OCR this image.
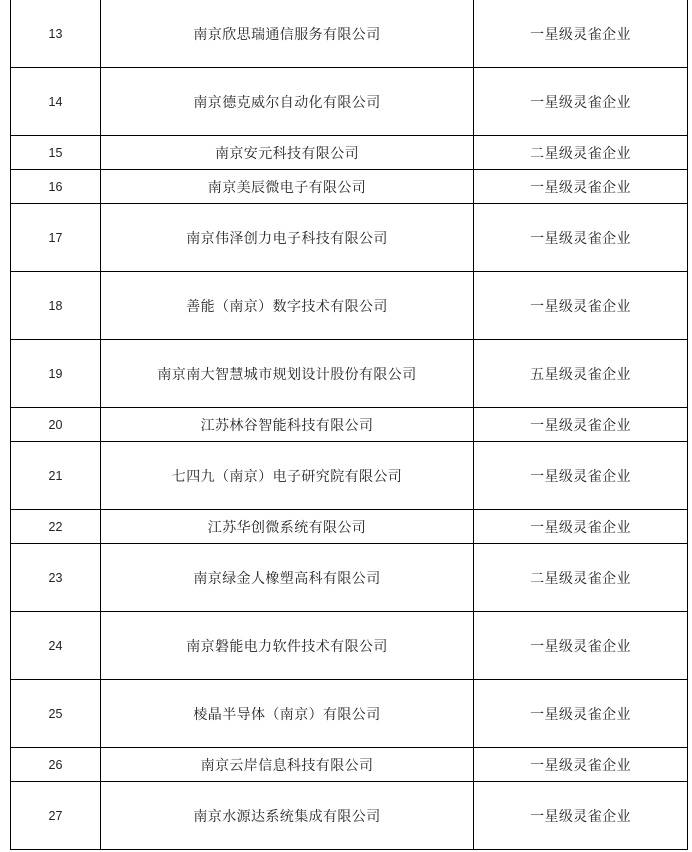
13	南京欣思瑞通信服务有限公司	一星级灵雀企业
14	南京德克威尔自动化有限公司	一星级灵雀企业
15	南京安元科技有限公司	二星级灵雀企业
16	南京美辰微电子有限公司	一星级灵雀企业
17	南京伟泽创力电子科技有限公司	一星级灵雀企业
18	善能（南京）数字技术有限公司	一星级灵雀企业
19	南京南大智慧城市规划设计股份有限公司	五星级灵雀企业
20	江苏林谷智能科技有限公司	一星级灵雀企业
21	七四九（南京）电子研究院有限公司	一星级灵雀企业
22	江苏华创微系统有限公司	一星级灵雀企业
23	南京绿金人橡塑高科有限公司	二星级灵雀企业
24	南京磐能电力软件技术有限公司	一星级灵雀企业
25	棱晶半导体（南京）有限公司	一星级灵雀企业
26	南京云岸信息科技有限公司	一星级灵雀企业
27	南京水源达系统集成有限公司	一星级灵雀企业
